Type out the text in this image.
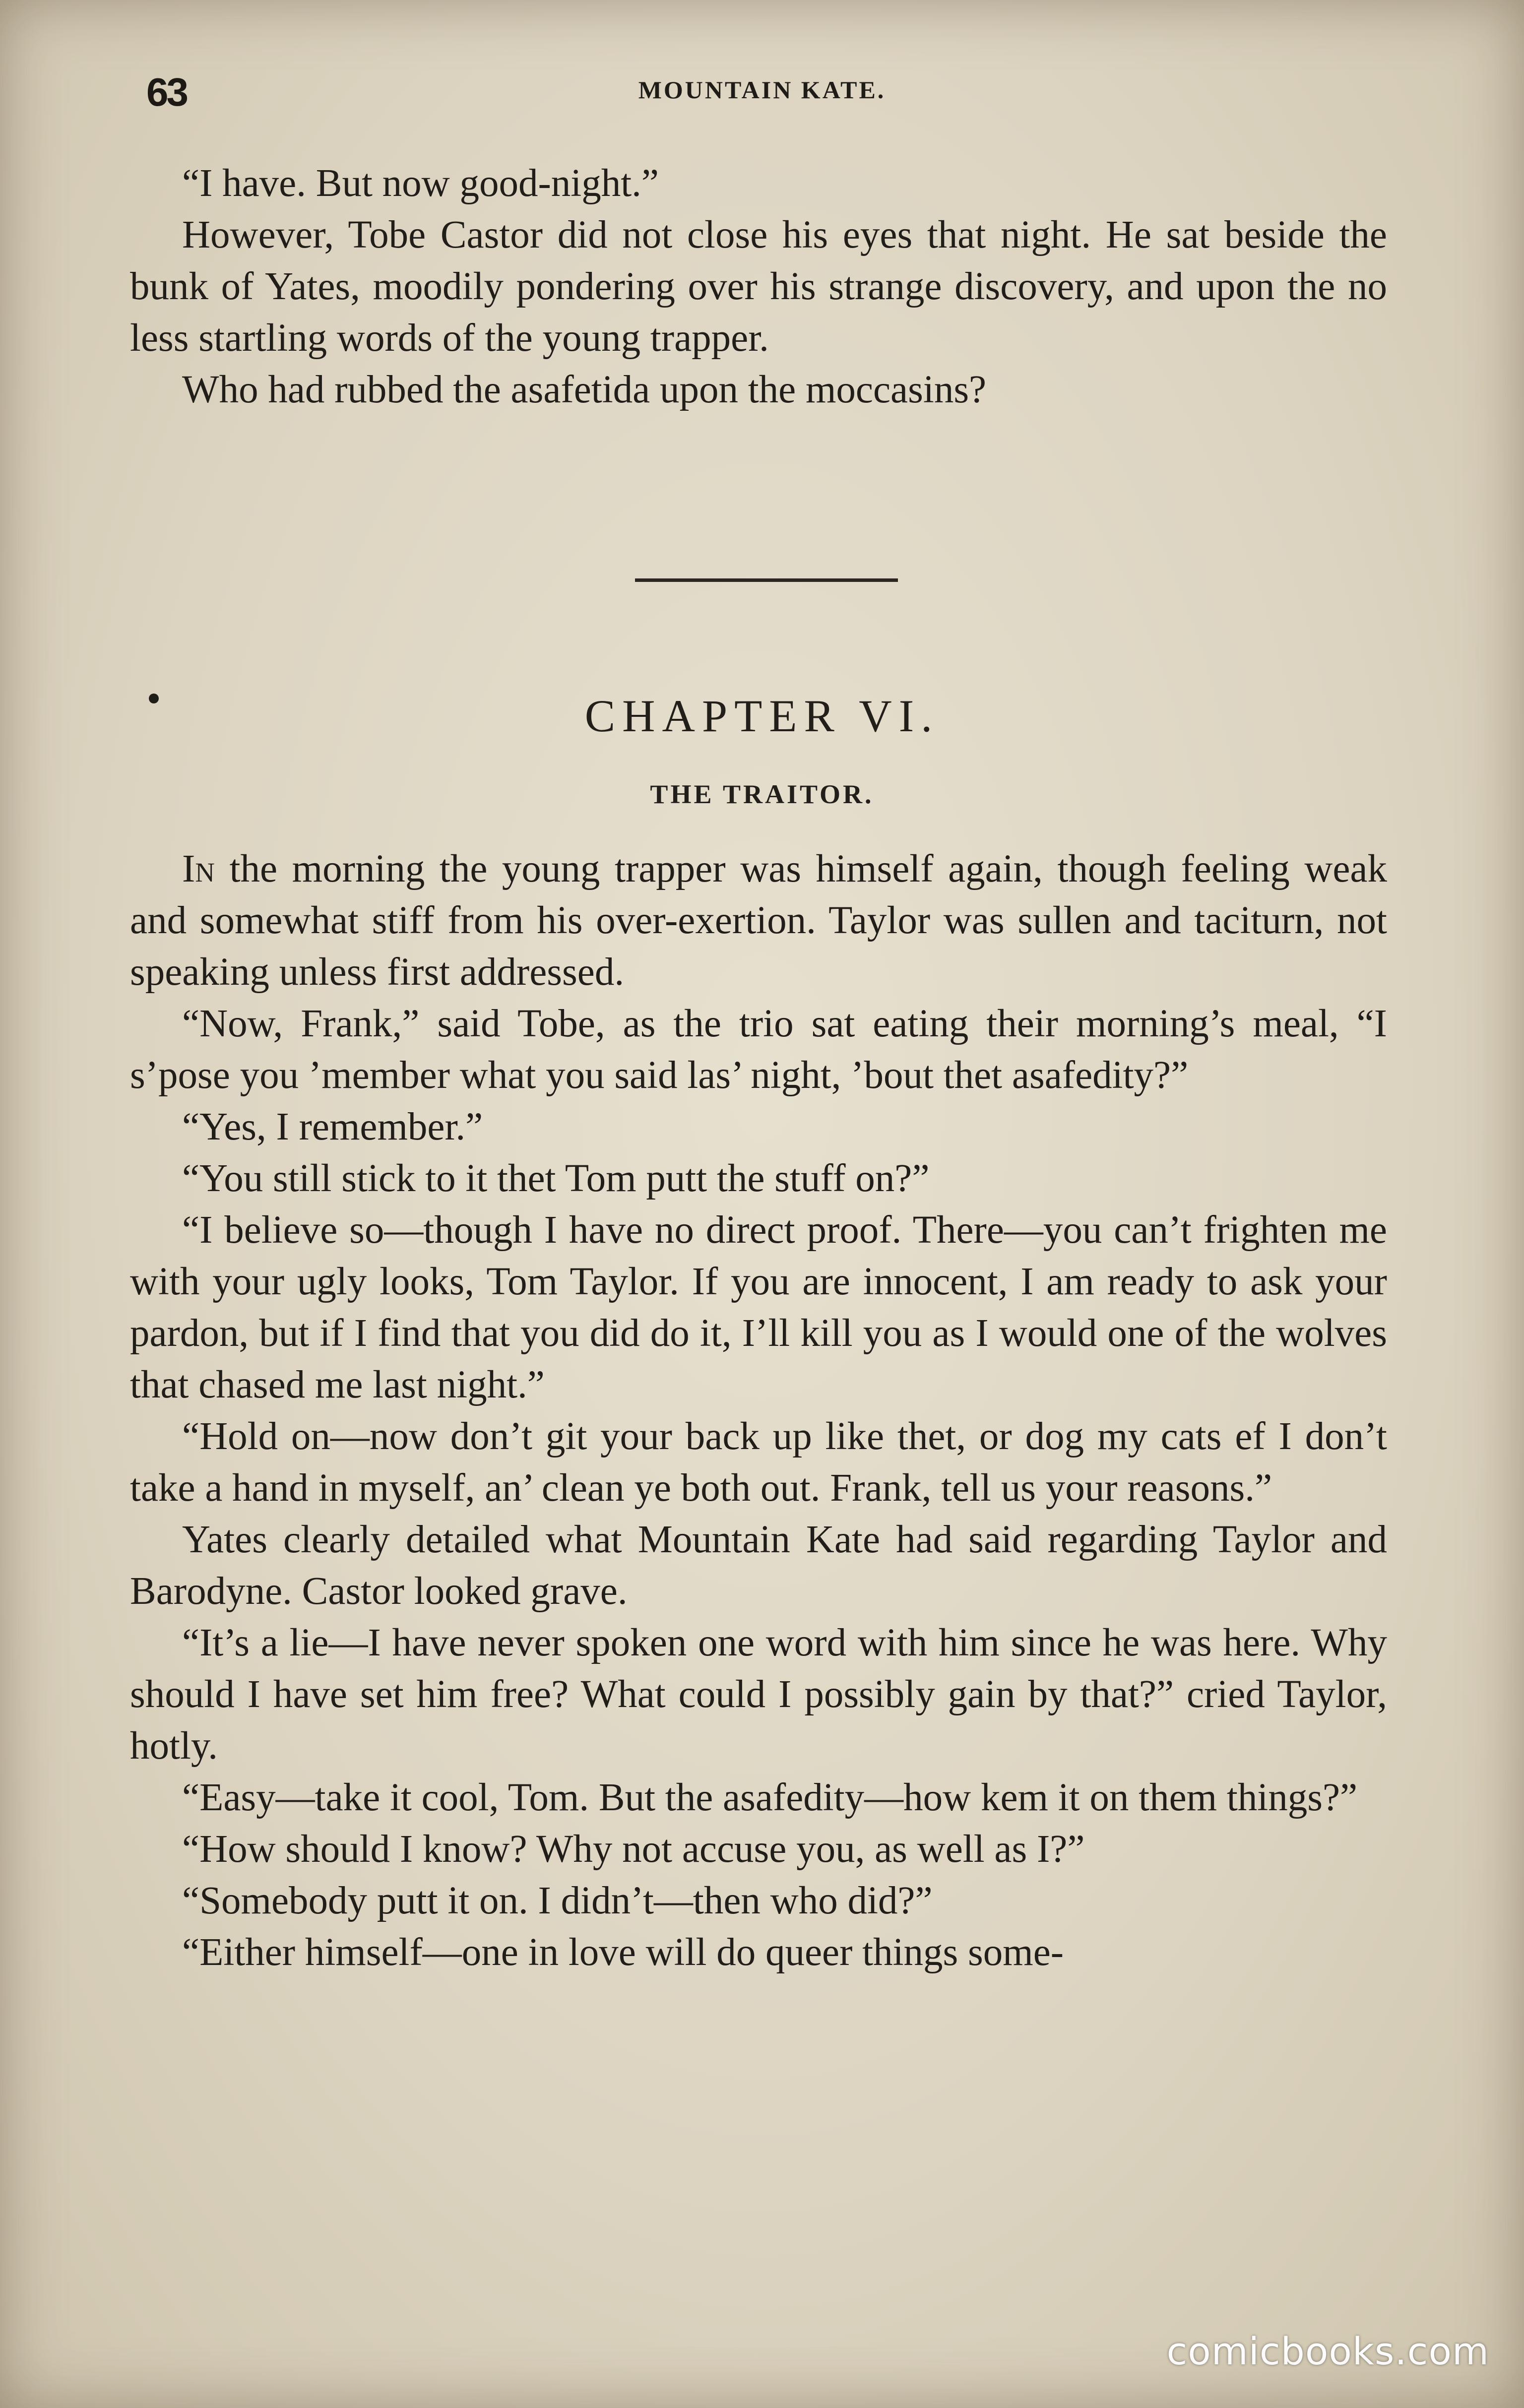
63	MOUNTAIN KATE.

“I have. But now good-night.”

However, Tobe Castor did not close his eyes that night. He sat beside the bunk of Yates, moodily pondering over his strange discovery, and upon the no less startling words of the young trapper.

Who had rubbed the asafetida upon the moccasins?

CHAPTER VI.
THE TRAITOR.

In the morning the young trapper was himself again, though feeling weak and somewhat stiff from his over-exertion. Taylor was sullen and taciturn, not speaking unless first addressed.

“Now, Frank,” said Tobe, as the trio sat eating their morning’s meal, “I s’pose you ’member what you said las’ night, ’bout thet asafedity?”

“Yes, I remember.”

“You still stick to it thet Tom putt the stuff on?”

“I believe so—though I have no direct proof. There—you can’t frighten me with your ugly looks, Tom Taylor. If you are innocent, I am ready to ask your pardon, but if I find that you did do it, I’ll kill you as I would one of the wolves that chased me last night.”

“Hold on—now don’t git your back up like thet, or dog my cats ef I don’t take a hand in myself, an’ clean ye both out. Frank, tell us your reasons.”

Yates clearly detailed what Mountain Kate had said regarding Taylor and Barodyne. Castor looked grave.

“It’s a lie—I have never spoken one word with him since he was here. Why should I have set him free? What could I possibly gain by that?” cried Taylor, hotly.

“Easy—take it cool, Tom. But the asafedity—how kem it on them things?”

“How should I know? Why not accuse you, as well as I?”

“Somebody putt it on. I didn’t—then who did?”

“Either himself—one in love will do queer things some-

comicbooks.com
